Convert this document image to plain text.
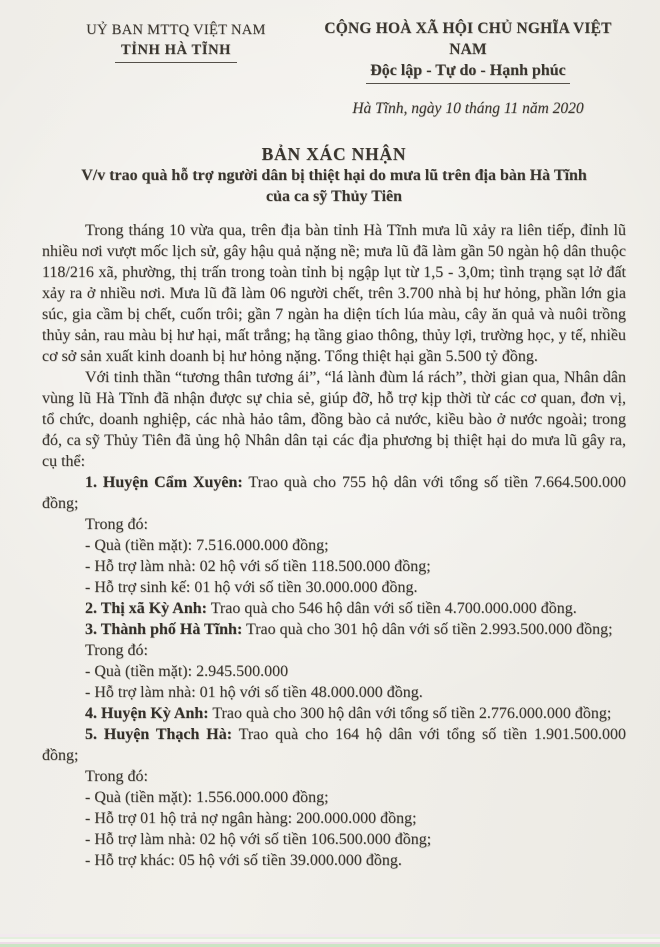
UỶ BAN MTTQ VIỆT NAM
TỈNH HÀ TĨNH
CỘNG HOÀ XÃ HỘI CHỦ NGHĨA VIỆT NAM
Độc lập - Tự do - Hạnh phúc
Hà Tĩnh, ngày 10 tháng 11 năm 2020
BẢN XÁC NHẬN
V/v trao quà hỗ trợ người dân bị thiệt hại do mưa lũ trên địa bàn Hà Tĩnh
của ca sỹ Thủy Tiên

Trong tháng 10 vừa qua, trên địa bàn tỉnh Hà Tĩnh mưa lũ xảy ra liên tiếp, đỉnh lũ nhiều nơi vượt mốc lịch sử, gây hậu quả nặng nề; mưa lũ đã làm gần 50 ngàn hộ dân thuộc 118/216 xã, phường, thị trấn trong toàn tỉnh bị ngập lụt từ 1,5 - 3,0m; tình trạng sạt lở đất xảy ra ở nhiều nơi. Mưa lũ đã làm 06 người chết, trên 3.700 nhà bị hư hỏng, phần lớn gia súc, gia cầm bị chết, cuốn trôi; gần 7 ngàn ha diện tích lúa màu, cây ăn quả và nuôi trồng thủy sản, rau màu bị hư hại, mất trắng; hạ tầng giao thông, thủy lợi, trường học, y tế, nhiều cơ sở sản xuất kinh doanh bị hư hỏng nặng. Tổng thiệt hại gần 5.500 tỷ đồng.

Với tinh thần “tương thân tương ái”, “lá lành đùm lá rách”, thời gian qua, Nhân dân vùng lũ Hà Tĩnh đã nhận được sự chia sẻ, giúp đỡ, hỗ trợ kịp thời từ các cơ quan, đơn vị, tổ chức, doanh nghiệp, các nhà hảo tâm, đồng bào cả nước, kiều bào ở nước ngoài; trong đó, ca sỹ Thủy Tiên đã ủng hộ Nhân dân tại các địa phương bị thiệt hại do mưa lũ gây ra, cụ thể:

1. Huyện Cẩm Xuyên: Trao quà cho 755 hộ dân với tổng số tiền 7.664.500.000 đồng;

Trong đó:

- Quà (tiền mặt): 7.516.000.000 đồng;

- Hỗ trợ làm nhà: 02 hộ với số tiền 118.500.000 đồng;

- Hỗ trợ sinh kế: 01 hộ với số tiền 30.000.000 đồng.

2. Thị xã Kỳ Anh: Trao quà cho 546 hộ dân với số tiền 4.700.000.000 đồng.

3. Thành phố Hà Tĩnh: Trao quà cho 301 hộ dân với số tiền 2.993.500.000 đồng;

Trong đó:

- Quà (tiền mặt): 2.945.500.000

- Hỗ trợ làm nhà: 01 hộ với số tiền 48.000.000 đồng.

4. Huyện Kỳ Anh: Trao quà cho 300 hộ dân với tổng số tiền 2.776.000.000 đồng;

5. Huyện Thạch Hà: Trao quà cho 164 hộ dân với tổng số tiền 1.901.500.000 đồng;

Trong đó:

- Quà (tiền mặt): 1.556.000.000 đồng;

- Hỗ trợ 01 hộ trả nợ ngân hàng: 200.000.000 đồng;

- Hỗ trợ làm nhà: 02 hộ với số tiền 106.500.000 đồng;

- Hỗ trợ khác: 05 hộ với số tiền 39.000.000 đồng.
